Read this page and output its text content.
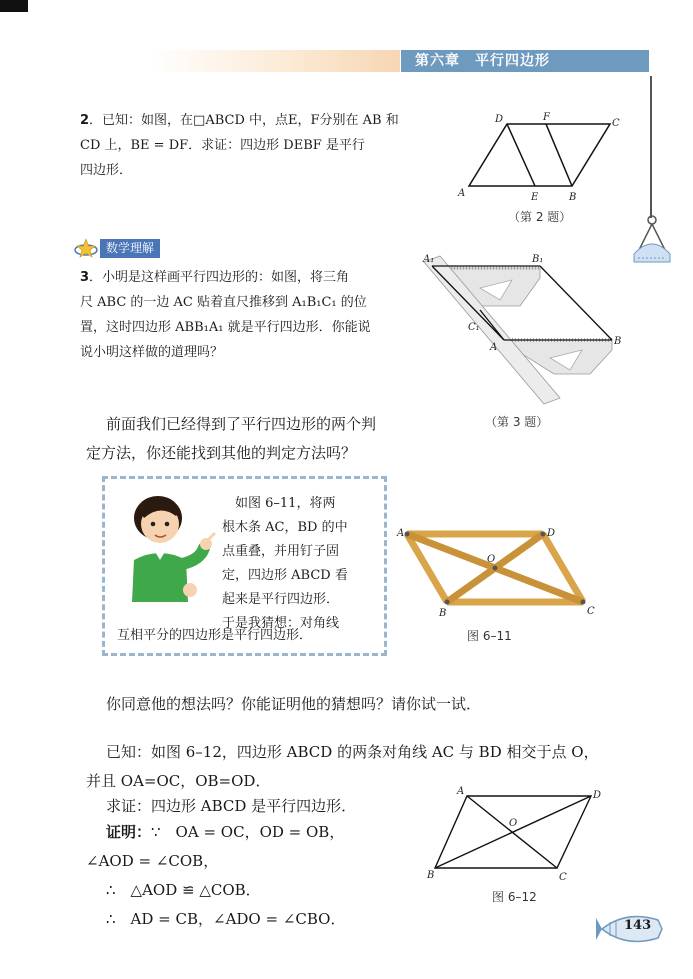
第六章　平行四边形
2．已知：如图，在□ABCD 中，点E，F分别在 AB 和
CD 上，BE = DF．求证：四边形 DEBF 是平行
四边形．
D	F
C
A	E	B
（第 2 题）
数学理解
3．小明是这样画平行四边形的：如图，将三角
尺 ABC 的一边 AC 贴着直尺推移到 A₁B₁C₁ 的位
置，这时四边形 ABB₁A₁ 就是平行四边形．你能说
说小明这样做的道理吗？
A₁	B₁
C₁
A
B
（第 3 题）
前面我们已经得到了平行四边形的两个判
定方法，你还能找到其他的判定方法吗？
如图 6–11，将两
根木条 AC，BD 的中
点重叠，并用钉子固
定，四边形 ABCD 看
起来是平行四边形．
于是我猜想：对角线
互相平分的四边形是平行四边形．
A	D
O
B	C
图 6–11
你同意他的想法吗？你能证明他的猜想吗？请你试一试．
已知：如图 6–12，四边形 ABCD 的两条对角线 AC 与 BD 相交于点 O，
并且 OA=OC，OB=OD．
求证：四边形 ABCD 是平行四边形．
证明：∵　OA = OC，OD = OB，
∠AOD = ∠COB，
∴　△AOD ≌ △COB．
∴　AD = CB，∠ADO = ∠CBO．
A	D
O
B	C
图 6–12
143
